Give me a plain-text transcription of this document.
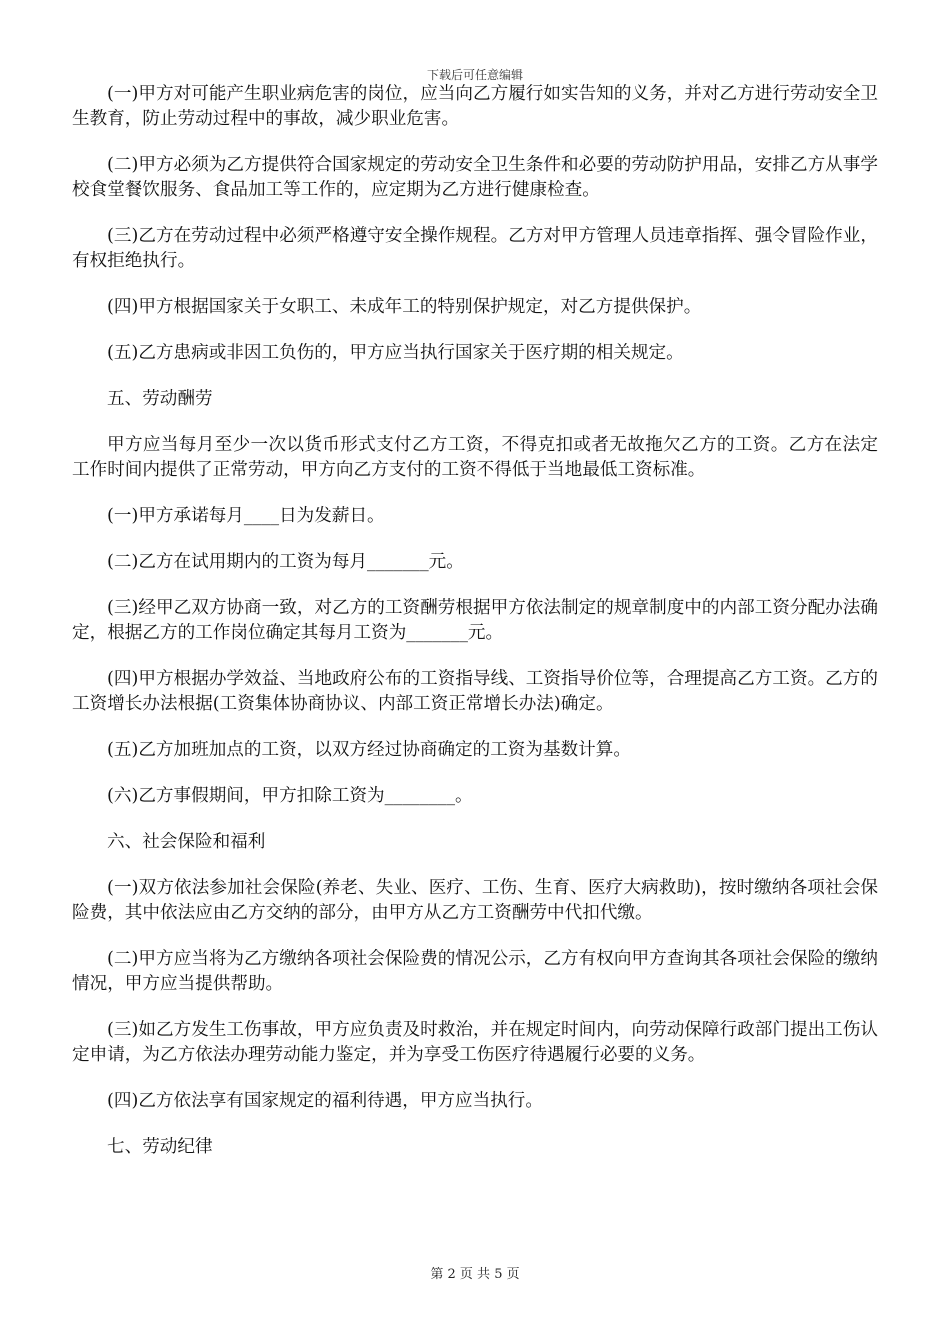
下载后可任意编辑

(一)甲方对可能产生职业病危害的岗位，应当向乙方履行如实告知的义务，并对乙方进行劳动安全卫生教育，防止劳动过程中的事故，减少职业危害。

(二)甲方必须为乙方提供符合国家规定的劳动安全卫生条件和必要的劳动防护用品，安排乙方从事学校食堂餐饮服务、食品加工等工作的，应定期为乙方进行健康检查。

(三)乙方在劳动过程中必须严格遵守安全操作规程。乙方对甲方管理人员违章指挥、强令冒险作业，有权拒绝执行。

(四)甲方根据国家关于女职工、未成年工的特别保护规定，对乙方提供保护。

(五)乙方患病或非因工负伤的，甲方应当执行国家关于医疗期的相关规定。

五、劳动酬劳

甲方应当每月至少一次以货币形式支付乙方工资，不得克扣或者无故拖欠乙方的工资。乙方在法定工作时间内提供了正常劳动，甲方向乙方支付的工资不得低于当地最低工资标准。

(一)甲方承诺每月____日为发薪日。

(二)乙方在试用期内的工资为每月_______元。

(三)经甲乙双方协商一致，对乙方的工资酬劳根据甲方依法制定的规章制度中的内部工资分配办法确定，根据乙方的工作岗位确定其每月工资为_______元。

(四)甲方根据办学效益、当地政府公布的工资指导线、工资指导价位等，合理提高乙方工资。乙方的工资增长办法根据(工资集体协商协议、内部工资正常增长办法)确定。

(五)乙方加班加点的工资，以双方经过协商确定的工资为基数计算。

(六)乙方事假期间，甲方扣除工资为________。

六、社会保险和福利

(一)双方依法参加社会保险(养老、失业、医疗、工伤、生育、医疗大病救助)，按时缴纳各项社会保险费，其中依法应由乙方交纳的部分，由甲方从乙方工资酬劳中代扣代缴。

(二)甲方应当将为乙方缴纳各项社会保险费的情况公示，乙方有权向甲方查询其各项社会保险的缴纳情况，甲方应当提供帮助。

(三)如乙方发生工伤事故，甲方应负责及时救治，并在规定时间内，向劳动保障行政部门提出工伤认定申请，为乙方依法办理劳动能力鉴定，并为享受工伤医疗待遇履行必要的义务。

(四)乙方依法享有国家规定的福利待遇，甲方应当执行。

七、劳动纪律

第 2 页 共 5 页
